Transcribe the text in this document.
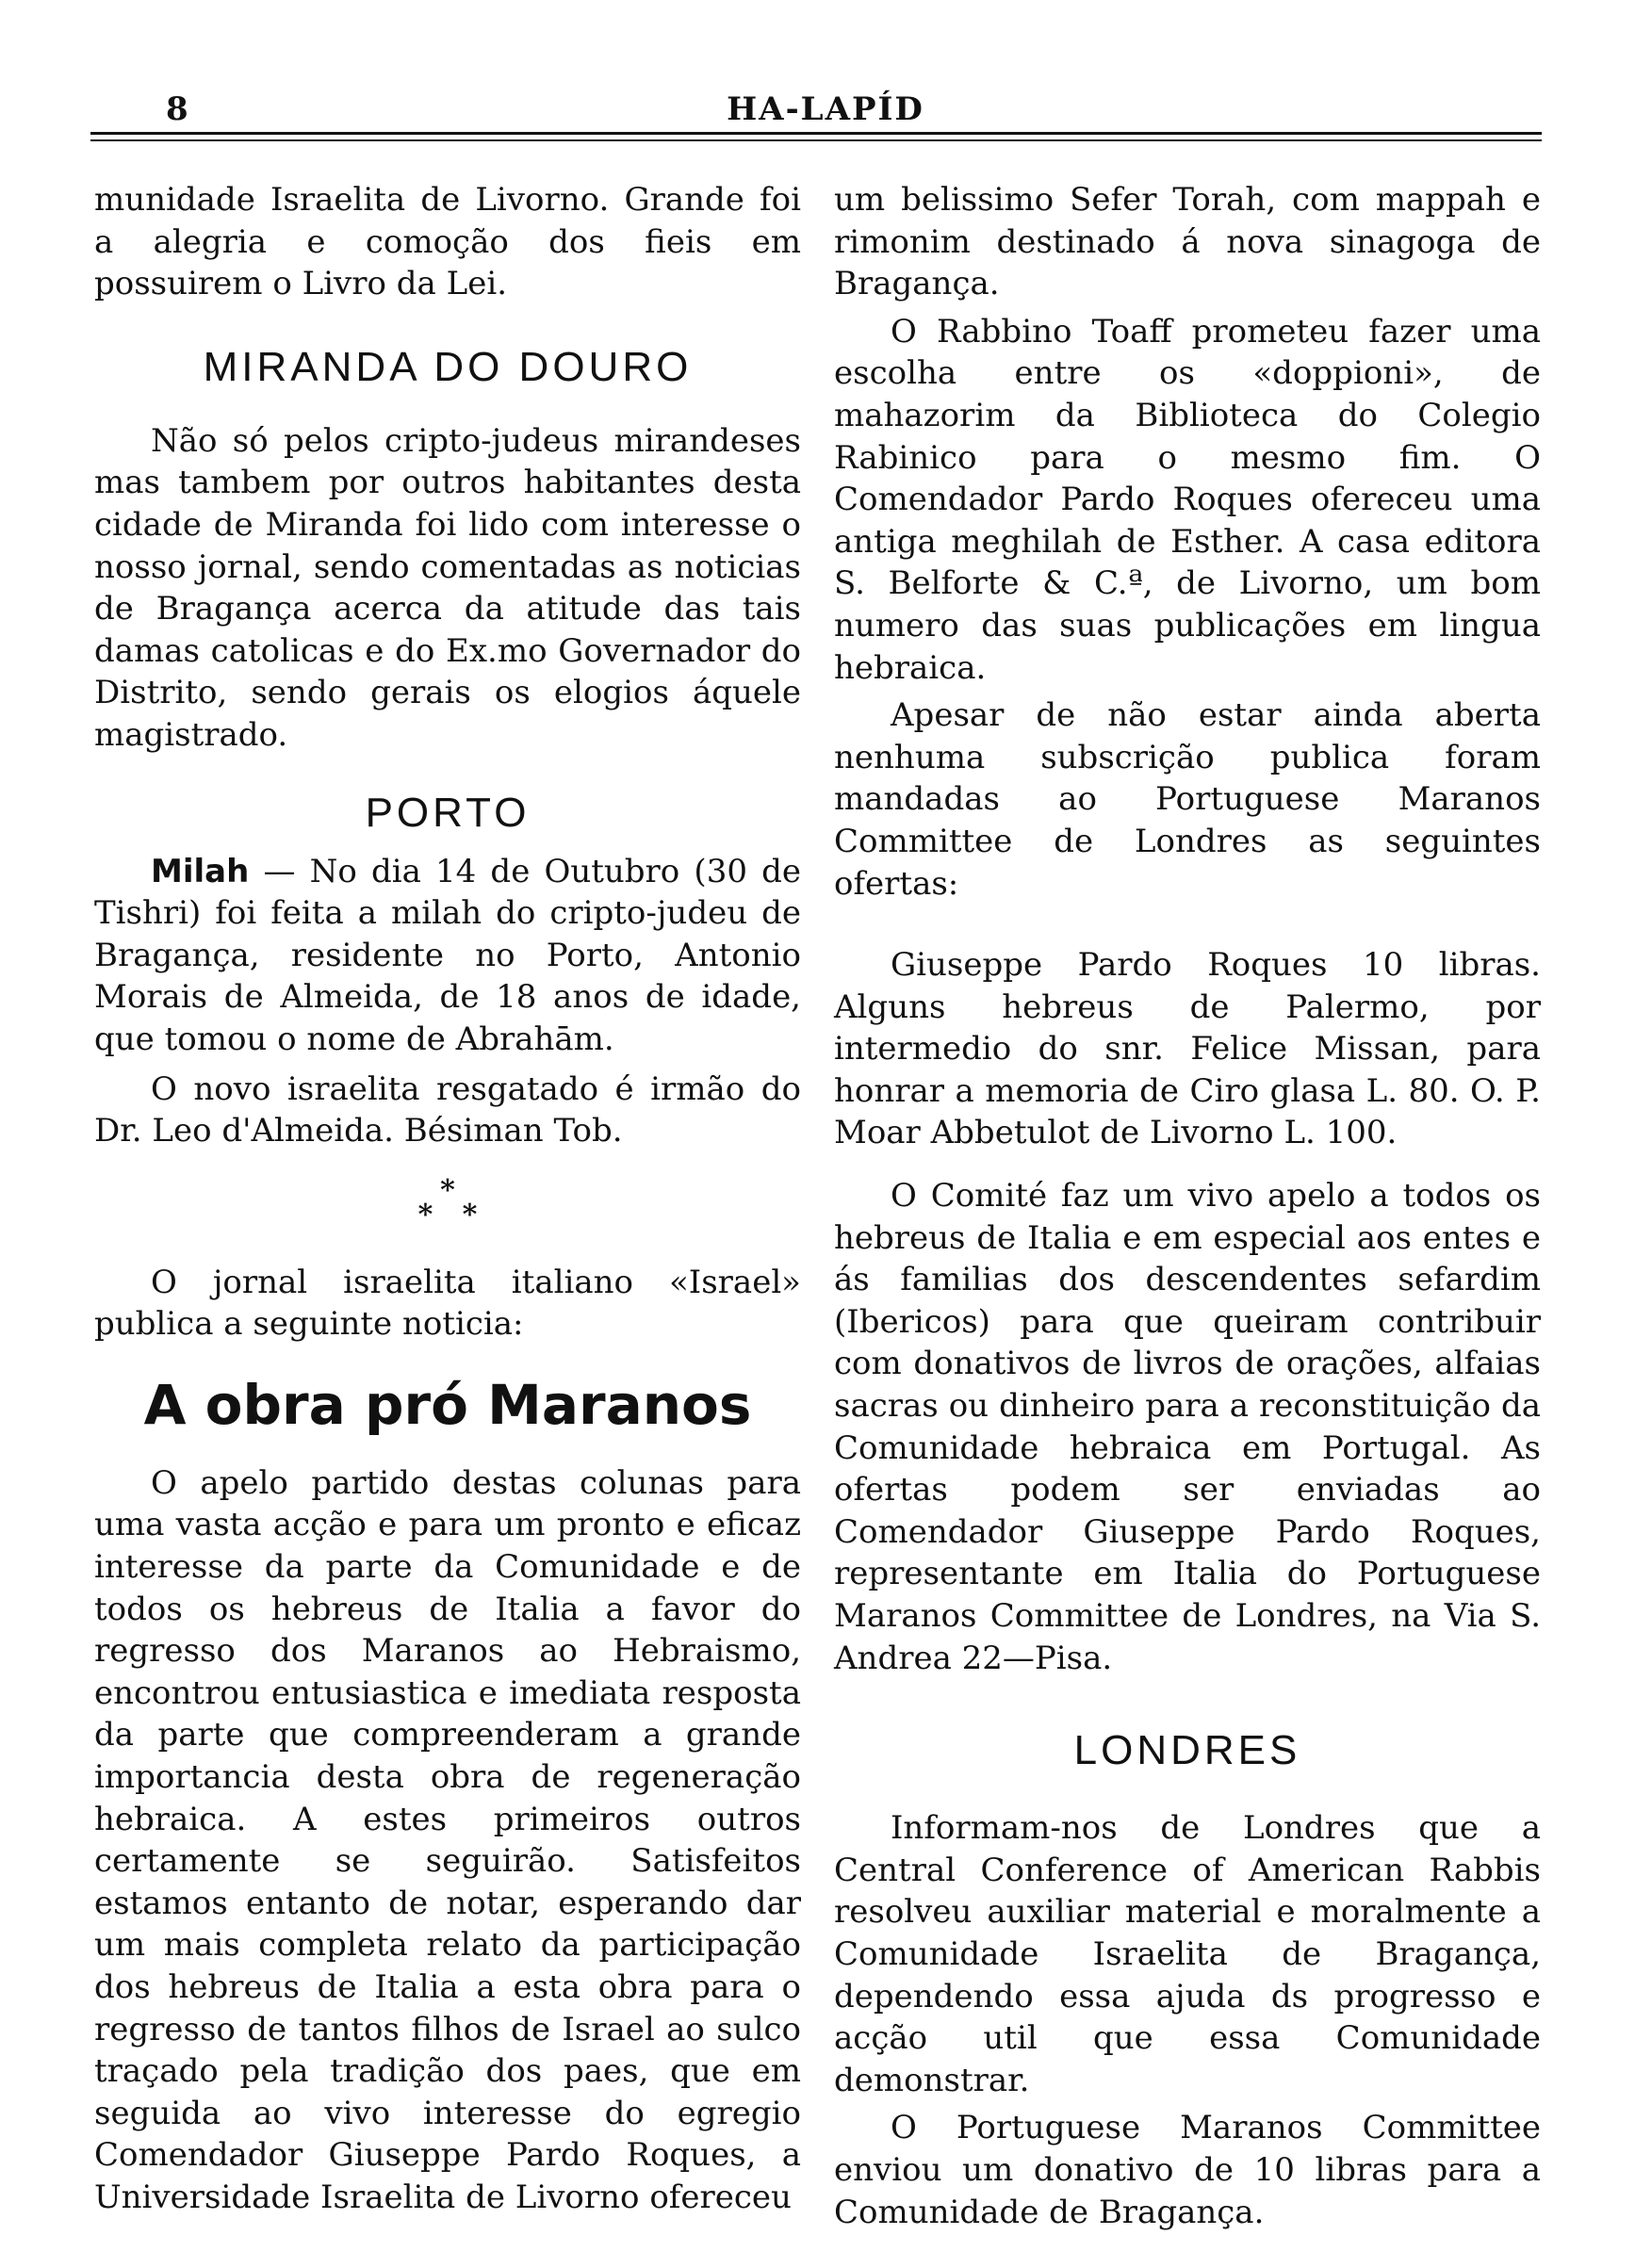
8	HA-LAPÍD

munidade Israelita de Livorno. Grande foi a alegria e comoção dos fieis em possuirem o Livro da Lei.

MIRANDA DO DOURO

Não só pelos cripto-judeus mirandeses mas tambem por outros habitantes desta cidade de Miranda foi lido com interesse o nosso jornal, sendo comentadas as noticias de Bragança acerca da atitude das tais damas catolicas e do Ex.mo Governador do Distrito, sendo gerais os elogios áquele magistrado.

PORTO

Milah — No dia 14 de Outubro (30 de Tishri) foi feita a milah do cripto-judeu de Bragança, residente no Porto, Antonio Morais de Almeida, de 18 anos de idade, que tomou o nome de Abrahām.

O novo israelita resgatado é irmão do Dr. Leo d'Almeida. Bésiman Tob.

*
*   *

O jornal israelita italiano «Israel» publica a seguinte noticia:

A obra pró Maranos

O apelo partido destas colunas para uma vasta acção e para um pronto e eficaz interesse da parte da Comunidade e de todos os hebreus de Italia a favor do regresso dos Maranos ao Hebraismo, encontrou entusiastica e imediata resposta da parte que compreenderam a grande importancia desta obra de regeneração hebraica. A estes primeiros outros certamente se seguirão. Satisfeitos estamos entanto de notar, esperando dar um mais completa relato da participação dos hebreus de Italia a esta obra para o regresso de tantos filhos de Israel ao sulco traçado pela tradição dos paes, que em seguida ao vivo interesse do egregio Comendador Giuseppe Pardo Roques, a Universidade Israelita de Livorno ofereceu

um belissimo Sefer Torah, com mappah e rimonim destinado á nova sinagoga de Bragança.

O Rabbino Toaff prometeu fazer uma escolha entre os «doppioni», de mahazorim da Biblioteca do Colegio Rabinico para o mesmo fim. O Comendador Pardo Roques ofereceu uma antiga meghilah de Esther. A casa editora S. Belforte & C.ª, de Livorno, um bom numero das suas publicações em lingua hebraica.

Apesar de não estar ainda aberta nenhuma subscrição publica foram mandadas ao Portuguese Maranos Committee de Londres as seguintes ofertas:

Giuseppe Pardo Roques 10 libras. Alguns hebreus de Palermo, por intermedio do snr. Felice Missan, para honrar a memoria de Ciro glasa L. 80. O. P. Moar Abbetulot de Livorno L. 100.

O Comité faz um vivo apelo a todos os hebreus de Italia e em especial aos entes e ás familias dos descendentes sefardim (Ibericos) para que queiram contribuir com donativos de livros de orações, alfaias sacras ou dinheiro para a reconstituição da Comunidade hebraica em Portugal. As ofertas podem ser enviadas ao Comendador Giuseppe Pardo Roques, representante em Italia do Portuguese Maranos Committee de Londres, na Via S. Andrea 22—Pisa.

LONDRES

Informam-nos de Londres que a Central Conference of American Rabbis resolveu auxiliar material e moralmente a Comunidade Israelita de Bragança, dependendo essa ajuda ds progresso e acção util que essa Comunidade demonstrar.

O Portuguese Maranos Committee enviou um donativo de 10 libras para a Comunidade de Bragança.
